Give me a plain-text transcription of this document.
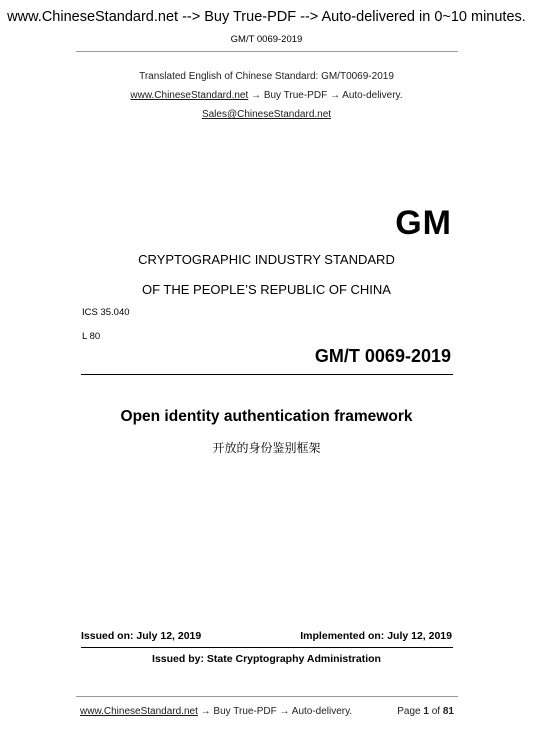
www.ChineseStandard.net --> Buy True-PDF --> Auto-delivered in 0~10 minutes.
GM/T 0069-2019
Translated English of Chinese Standard: GM/T0069-2019
www.ChineseStandard.net → Buy True-PDF → Auto-delivery.
Sales@ChineseStandard.net
GM
CRYPTOGRAPHIC INDUSTRY STANDARD
OF THE PEOPLE’S REPUBLIC OF CHINA
ICS 35.040
L 80
GM/T 0069-2019
Open identity authentication framework
开放的身份鉴别框架
Issued on: July 12, 2019	Implemented on: July 12, 2019
Issued by: State Cryptography Administration
www.ChineseStandard.net → Buy True-PDF → Auto-delivery.	Page 1 of 81
